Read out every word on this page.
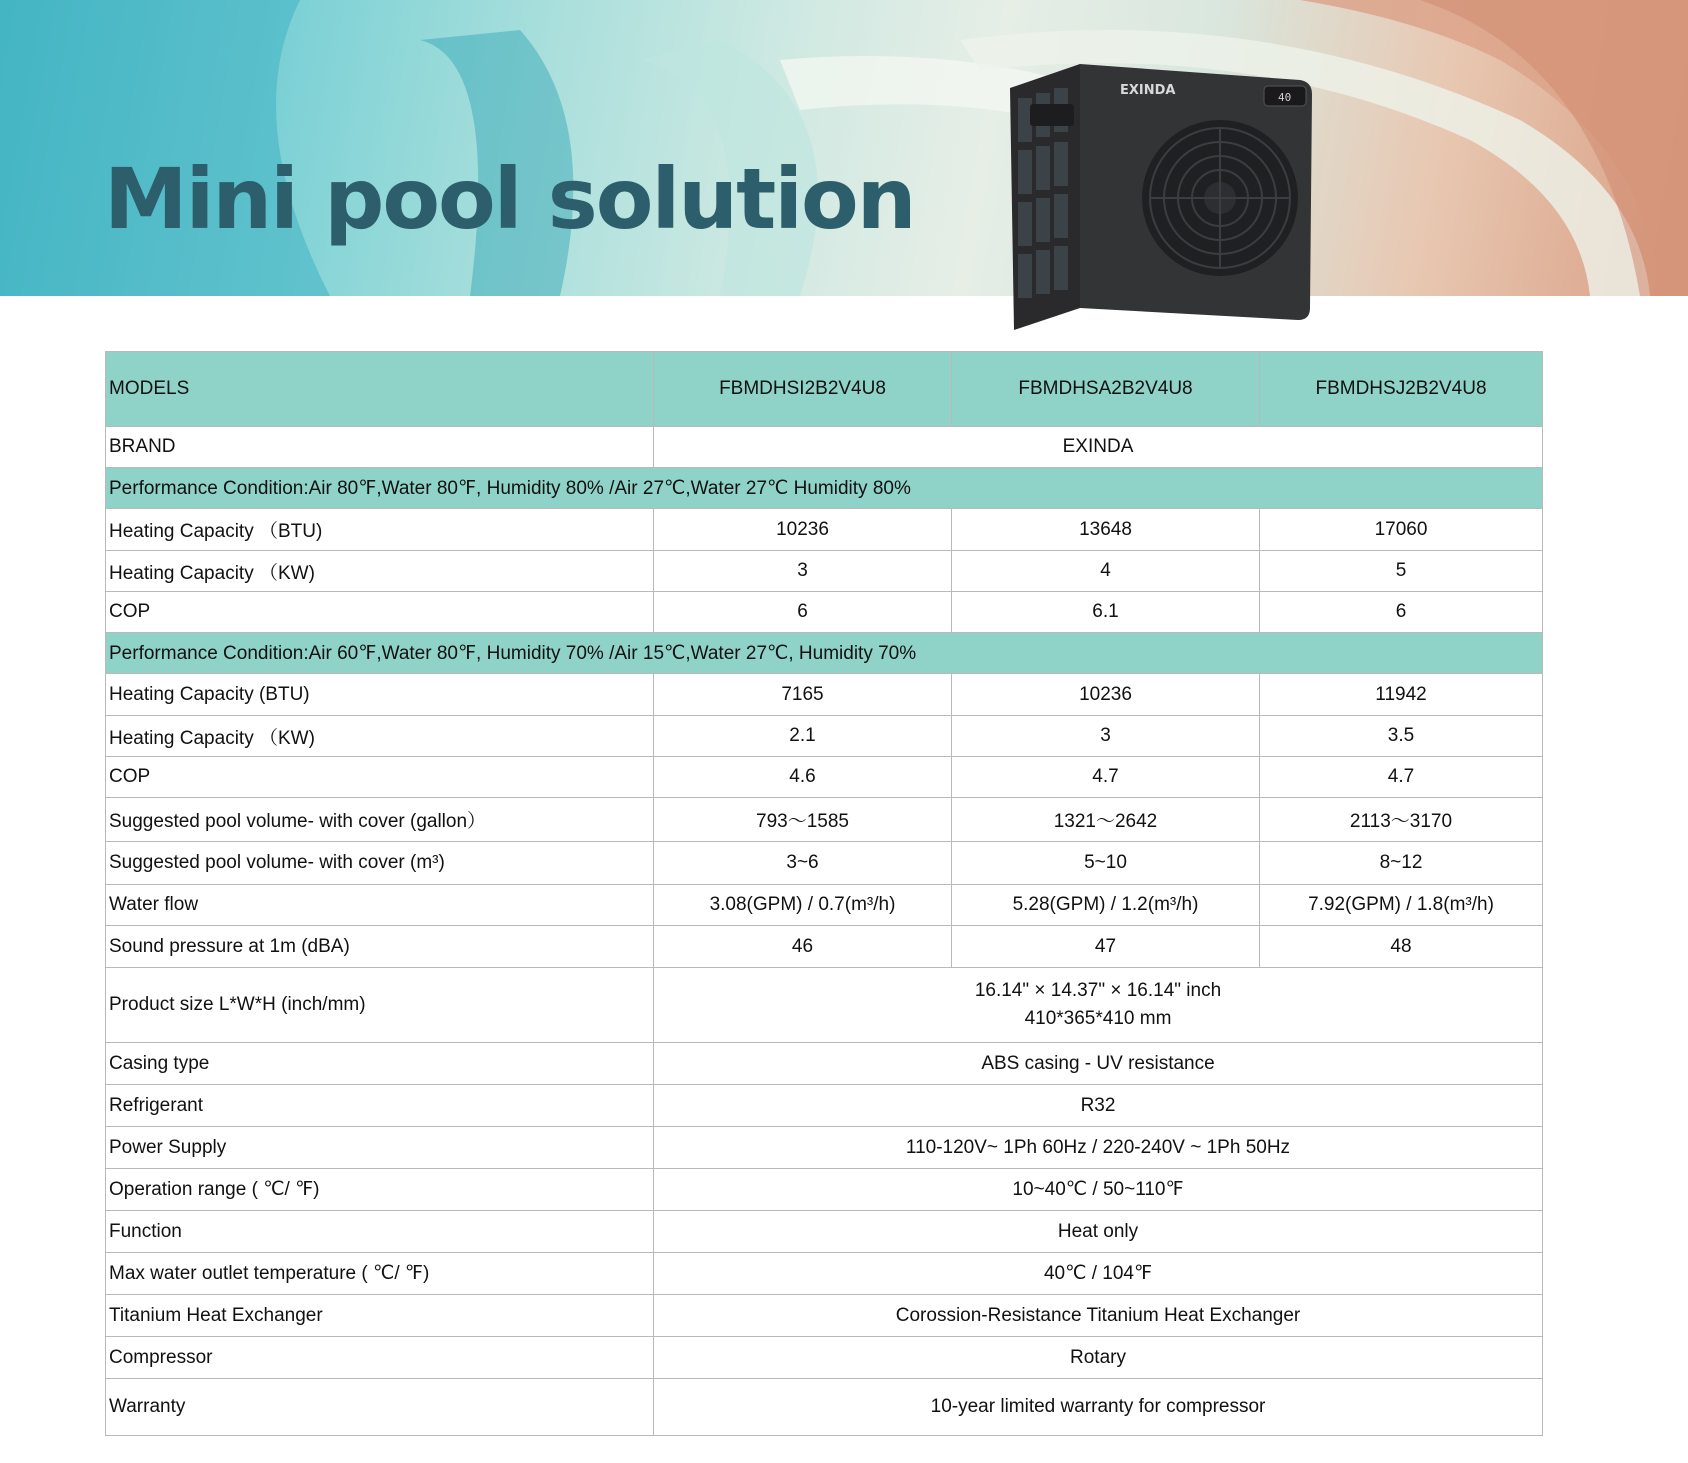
Mini pool solution
EXINDA	40
MODELS	FBMDHSI2B2V4U8	FBMDHSA2B2V4U8	FBMDHSJ2B2V4U8
BRAND	EXINDA		
Performance Condition:Air 80℉,Water 80℉, Humidity 80% /Air 27℃,Water 27℃ Humidity 80%			
Heating Capacity （BTU)	10236	13648	17060
Heating Capacity （KW)	3	4	5
COP	6	6.1	6
Performance Condition:Air 60℉,Water 80℉, Humidity 70% /Air 15℃,Water 27℃, Humidity 70%			
Heating Capacity (BTU)	7165	10236	11942
Heating Capacity （KW)	2.1	3	3.5
COP	4.6	4.7	4.7
Suggested pool volume- with cover (gallon）	793～1585	1321～2642	2113～3170
Suggested pool volume- with cover (m³)	3~6	5~10	8~12
Water flow	3.08(GPM) / 0.7(m³/h)	5.28(GPM) / 1.2(m³/h)	7.92(GPM) / 1.8(m³/h)
Sound pressure at 1m (dBA)	46	47	48
Product size L*W*H (inch/mm)	16.14" × 14.37" × 16.14" inch
410*365*410 mm		

Casing type	ABS casing - UV resistance		
Refrigerant	R32		
Power Supply	110-120V~ 1Ph 60Hz / 220-240V ~ 1Ph 50Hz		
Operation range ( ℃/ ℉)	10~40℃ / 50~110℉		
Function	Heat only		
Max water outlet temperature ( ℃/ ℉)	40℃ / 104℉		
Titanium Heat Exchanger	Corossion-Resistance Titanium Heat Exchanger		
Compressor	Rotary		
Warranty	10-year limited warranty for compressor		
